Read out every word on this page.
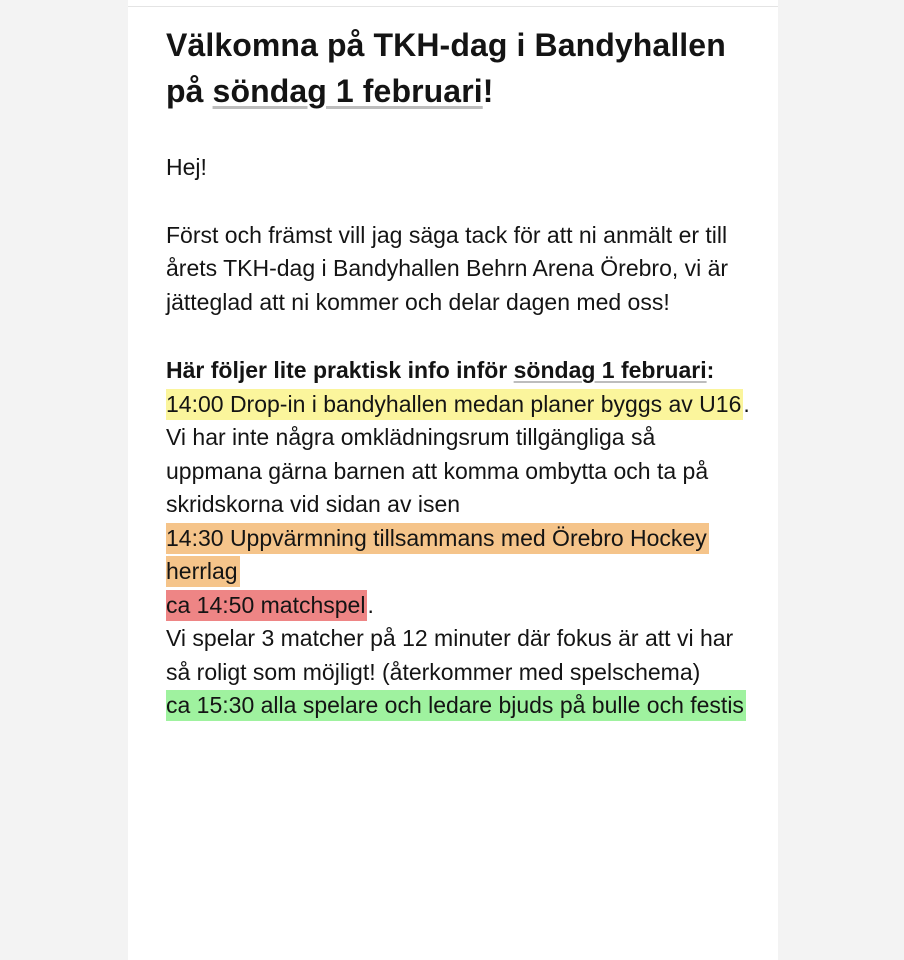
Välkomna på TKH-dag i Bandyhallen på söndag 1 februari!

Hej!

Först och främst vill jag säga tack för att ni anmält er till årets TKH-dag i Bandyhallen Behrn Arena Örebro, vi är jätteglad att ni kommer och delar dagen med oss!

Här följer lite praktisk info inför söndag 1 februari:

14:00 Drop-in i bandyhallen medan planer byggs av U16. Vi har inte några omklädningsrum tillgängliga så uppmana gärna barnen att komma ombytta och ta på skridskorna vid sidan av isen
14:30 Uppvärmning tillsammans med Örebro Hockey herrlag
ca 14:50 matchspel.
Vi spelar 3 matcher på 12 minuter där fokus är att vi har så roligt som möjligt! (återkommer med spelschema)
ca 15:30 alla spelare och ledare bjuds på bulle och festis
